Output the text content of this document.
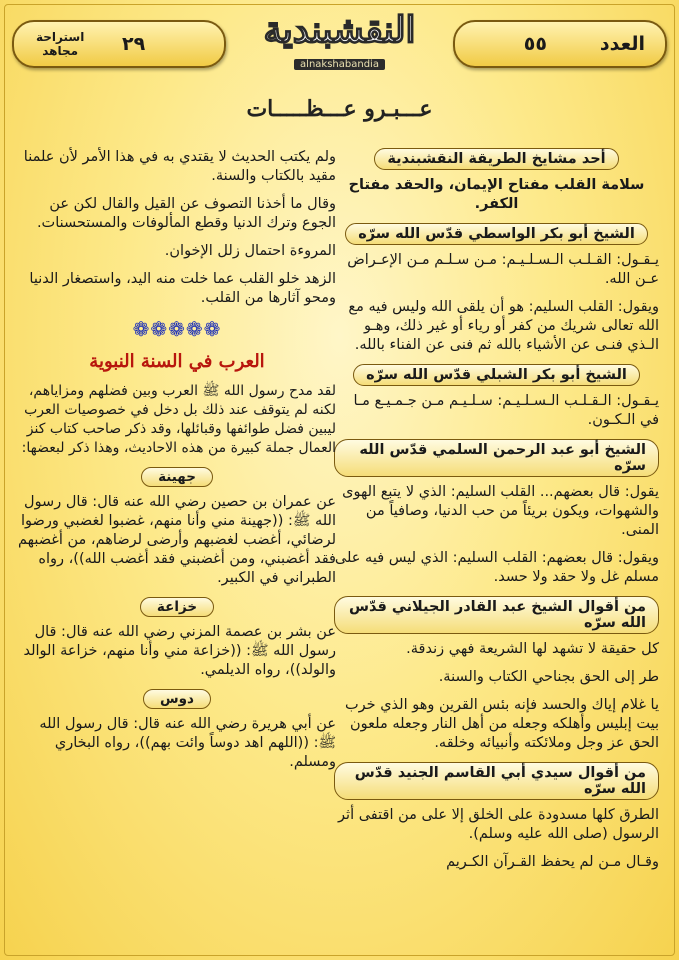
٢٩
استراحة
مجاهد	النقشبندية
alnakshabandia
العدد
٥٥
عـــبـرو عـــظـــــات
أحد مشايخ الطريقة النقشبندية

سلامة القلب مفتاح الإيمان، والحقد مفتاح الكفر.

الشيخ أبو بكر الواسطي قدّس الله سرّه

يـقـول: القـلـب الـسـلـيـم: مـن سـلـم مـن الإعـراض عـن الله.

ويقول: القلب السليم: هو أن يلقى الله وليس فيه مع الله تعالى شريك من كفر أو رياء أو غير ذلك، وهـو الـذي فنـى عن الأشياء بالله ثم فنى عن الفناء بالله.

الشيخ أبو بكر الشبلي قدّس الله سرّه

يـقـول: الـقـلـب الـسـلـيـم: سـلـيـم مـن جـمـيـع مـا في الـكـون.

الشيخ أبو عبد الرحمن السلمي قدّس الله سرّه

يقول: قال بعضهم... القلب السليم: الذي لا يتبع الهوى والشهوات، ويكون بريئاً من حب الدنيا، وصافياً من المنى.

ويقول: قال بعضهم: القلب السليم: الذي ليس فيه على مسلم غل ولا حقد ولا حسد.

من أقوال الشيخ عبد القادر الجيلاني قدّس الله سرّه

كل حقيقة لا تشهد لها الشريعة فهي زندقة.

طر إلى الحق بجناحي الكتاب والسنة.

يا غلام إياك والحسد فإنه بئس القرين وهو الذي خرب بيت إبليس وأهلكه وجعله من أهل النار وجعله ملعون الحق عز وجل وملائكته وأنبيائه وخلقه.

من أقوال سيدي أبي القاسم الجنيد قدّس الله سرّه

الطرق كلها مسدودة على الخلق إلا على من اقتفى أثر الرسول (صلى الله عليه وسلم).

وقـال مـن لم يحفظ القـرآن الكـريم

ولم يكتب الحديث لا يقتدي به في هذا الأمر لأن علمنا مقيد بالكتاب والسنة.

وقال ما أخذنا التصوف عن القيل والقال لكن عن الجوع وترك الدنيا وقطع المألوفات والمستحسنات.

المروءة احتمال زلل الإخوان.

الزهد خلو القلب عما خلت منه اليد، واستصغار الدنيا ومحو آثارها من القلب.

❁❁❁❁❁
العرب في السنة النبوية

لقد مدح رسول الله ﷺ العرب وبين فضلهم ومزاياهم، لكنه لم يتوقف عند ذلك بل دخل في خصوصيات العرب ليبين فضل طوائفها وقبائلها، وقد ذكر صاحب كتاب كنز العمال جملة كبيرة من هذه الاحاديث، وهذا ذكر لبعضها:

جهينة

عن عمران بن حصين رضي الله عنه قال: قال رسول الله ﷺ: ((جهينة مني وأنا منهم، غضبوا لغضبي ورضوا لرضائي، أغضب لغضبهم وأرضى لرضاهم، من أغضبهم فقد أغضبني، ومن أغضبني فقد أغضب الله))، رواه الطبراني في الكبير.

خزاعة

عن بشر بن عصمة المزني رضي الله عنه قال: قال رسول الله ﷺ: ((خزاعة مني وأنا منهم، خزاعة الوالد والولد))، رواه الديلمي.

دوس

عن أبي هريرة رضي الله عنه قال: قال رسول الله ﷺ: ((اللهم اهد دوساً وائت بهم))، رواه البخاري ومسلم.
